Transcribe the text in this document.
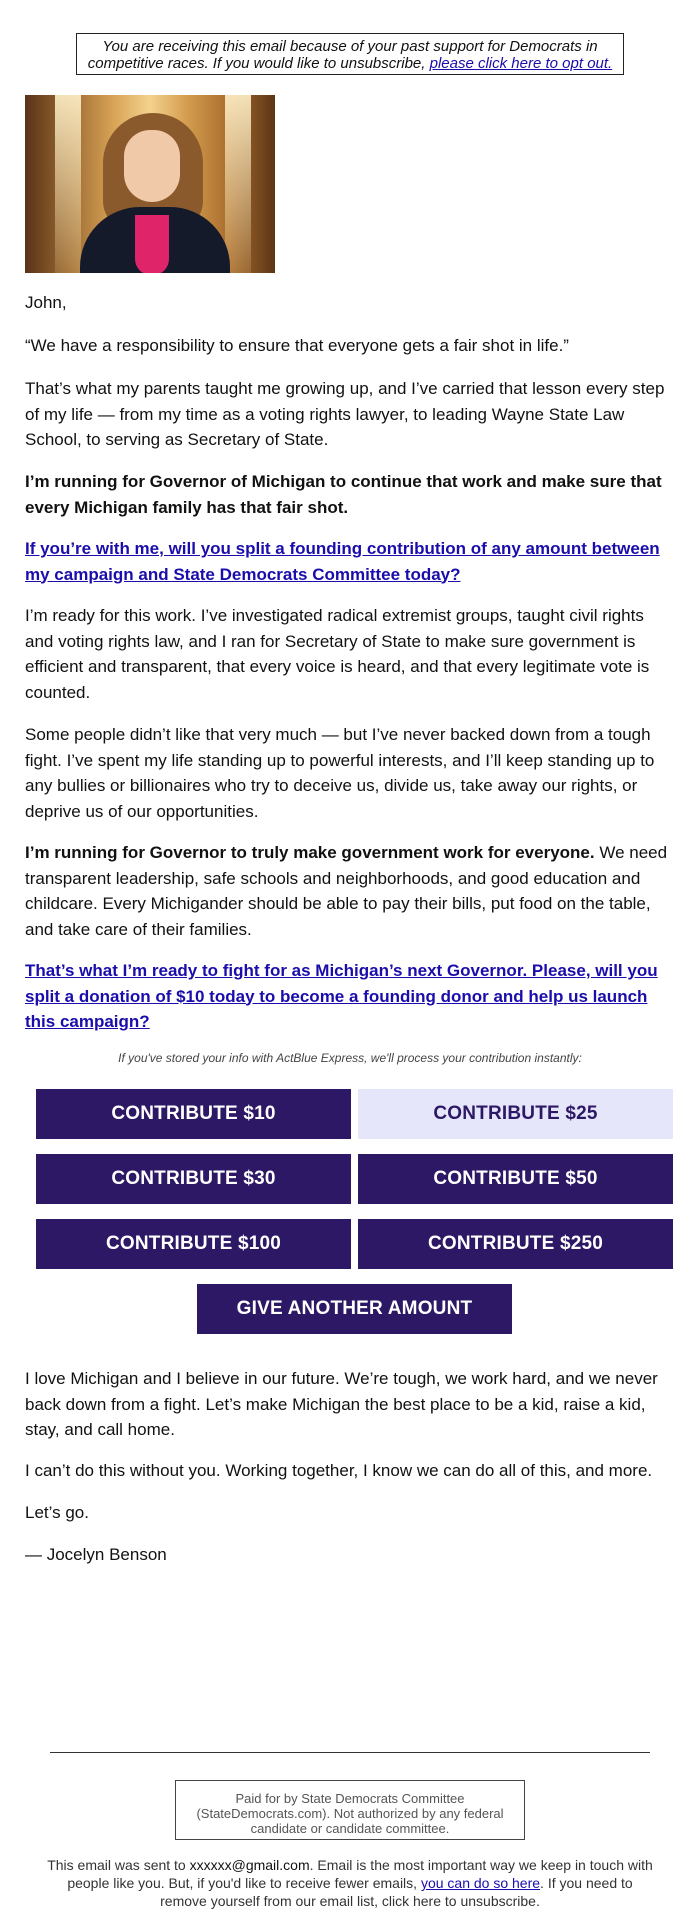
You are receiving this email because of your past support for Democrats in competitive races. If you would like to unsubscribe, please click here to opt out.

John,

“We have a responsibility to ensure that everyone gets a fair shot in life.”

That’s what my parents taught me growing up, and I’ve carried that lesson every step of my life — from my time as a voting rights lawyer, to leading Wayne State Law School, to serving as Secretary of State.

I’m running for Governor of Michigan to continue that work and make sure that every Michigan family has that fair shot.

If you’re with me, will you split a founding contribution of any amount between my campaign and State Democrats Committee today?

I’m ready for this work. I’ve investigated radical extremist groups, taught civil rights and voting rights law, and I ran for Secretary of State to make sure government is efficient and transparent, that every voice is heard, and that every legitimate vote is counted.

Some people didn’t like that very much — but I’ve never backed down from a tough fight. I’ve spent my life standing up to powerful interests, and I’ll keep standing up to any bullies or billionaires who try to deceive us, divide us, take away our rights, or deprive us of our opportunities.

I’m running for Governor to truly make government work for everyone. We need transparent leadership, safe schools and neighborhoods, and good education and childcare. Every Michigander should be able to pay their bills, put food on the table, and take care of their families.

That’s what I’m ready to fight for as Michigan’s next Governor. Please, will you split a donation of $10 today to become a founding donor and help us launch this campaign?

I love Michigan and I believe in our future. We’re tough, we work hard, and we never back down from a fight. Let’s make Michigan the best place to be a kid, raise a kid, stay, and call home.

I can’t do this without you. Working together, I know we can do all of this, and more.

Let’s go.

— Jocelyn Benson

If you've stored your info with ActBlue Express, we'll process your contribution instantly:
CONTRIBUTE $10	CONTRIBUTE $25
CONTRIBUTE $30	CONTRIBUTE $50
CONTRIBUTE $100	CONTRIBUTE $250
GIVE ANOTHER AMOUNT
Paid for by State Democrats Committee (StateDemocrats.com). Not authorized by any federal candidate or candidate committee.
This email was sent to xxxxxx@gmail.com. Email is the most important way we keep in touch with people like you. But, if you'd like to receive fewer emails, you can do so here. If you need to remove yourself from our email list, click here to unsubscribe.
